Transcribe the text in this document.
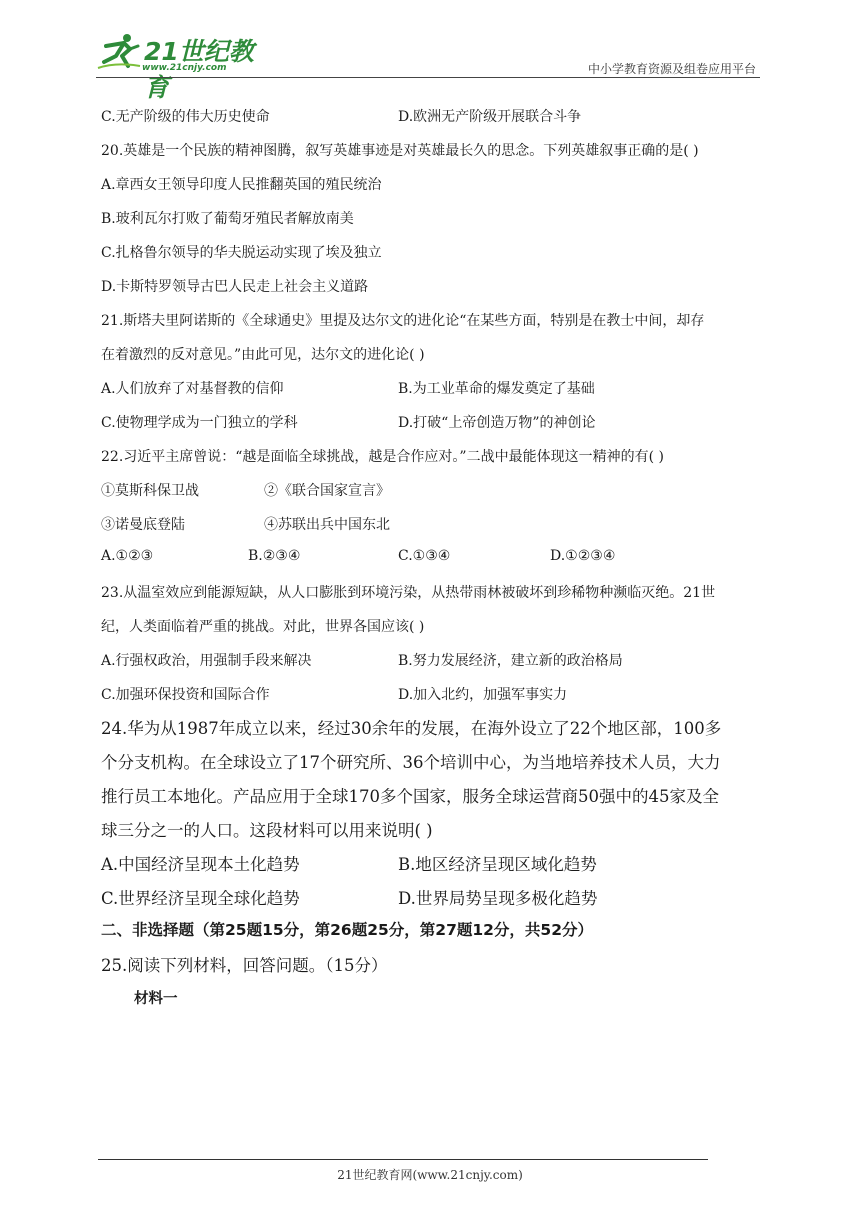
21世纪教育
www.21cnjy.com	中小学教育资源及组卷应用平台
C.无产阶级的伟大历史使命	D.欧洲无产阶级开展联合斗争
20.英雄是一个民族的精神图腾，叙写英雄事迹是对英雄最长久的思念。下列英雄叙事正确的是( )
A.章西女王领导印度人民推翻英国的殖民统治
B.玻利瓦尔打败了葡萄牙殖民者解放南美
C.扎格鲁尔领导的华夫脱运动实现了埃及独立
D.卡斯特罗领导古巴人民走上社会主义道路
21.斯塔夫里阿诺斯的《全球通史》里提及达尔文的进化论“在某些方面，特别是在教士中间，却存
在着激烈的反对意见。”由此可见，达尔文的进化论( )
A.人们放弃了对基督教的信仰	B.为工业革命的爆发奠定了基础
C.使物理学成为一门独立的学科	D.打破“上帝创造万物”的神创论
22.习近平主席曾说：“越是面临全球挑战，越是合作应对。”二战中最能体现这一精神的有( )
①莫斯科保卫战	②《联合国家宣言》
③诺曼底登陆	④苏联出兵中国东北
A.①②③	B.②③④	C.①③④	D.①②③④
23.从温室效应到能源短缺，从人口膨胀到环境污染，从热带雨林被破坏到珍稀物种濒临灭绝。21世
纪，人类面临着严重的挑战。对此，世界各国应该( )
A.行强权政治，用强制手段来解决	B.努力发展经济，建立新的政治格局
C.加强环保投资和国际合作	D.加入北约，加强军事实力
24.华为从1987年成立以来，经过30余年的发展，在海外设立了22个地区部，100多
个分支机构。在全球设立了17个研究所、36个培训中心，为当地培养技术人员，大力
推行员工本地化。产品应用于全球170多个国家，服务全球运营商50强中的45家及全
球三分之一的人口。这段材料可以用来说明( )
A.中国经济呈现本土化趋势	B.地区经济呈现区域化趋势
C.世界经济呈现全球化趋势	D.世界局势呈现多极化趋势
二、非选择题（第25题15分，第26题25分，第27题12分，共52分）
25.阅读下列材料，回答问题。（15分）
材料一
21世纪教育网(www.21cnjy.com)
